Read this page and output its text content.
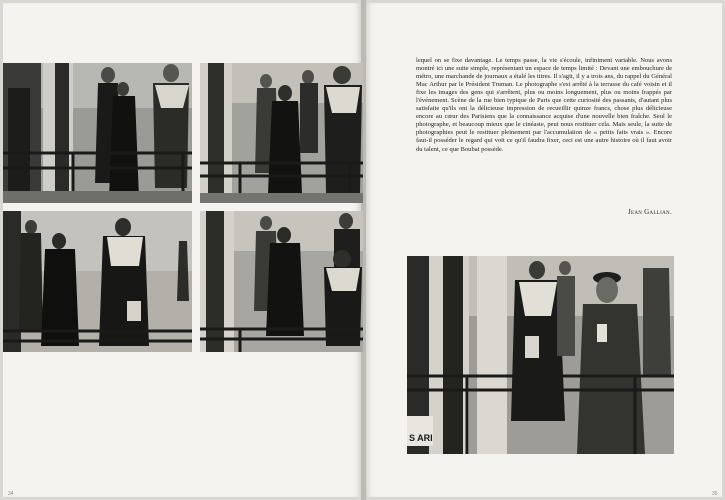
lequel on se fixe davantage. Le temps passe, la vie s'écoule, infiniment variable. Nous avons montré ici une suite simple, représentant un espace de temps limité : Devant une embouchure de métro, une marchande de journaux a étalé les titres. Il s'agit, il y a trois ans, du rappel du Général Mac Arthur par le Président Truman. Le photographe s'est arrêté à la terrasse du café voisin et il fixe les images des gens qui s'arrêtent, plus ou moins longuement, plus ou moins frappés par l'événement. Scène de la rue bien typique de Paris que cette curiosité des passants, d'autant plus satisfaite qu'ils ont la délicieuse impression de recueillir quinze francs, chose plus délicieuse encore au cœur des Parisiens que la connaissance acquise d'une nouvelle bien fraîche. Seul le photographe, et beaucoup mieux que le cinéaste, peut nous restituer cela. Mais seule, la suite de photographies peut le restituer pleinement par l'accumulation de « petits faits vrais ». Encore faut-il posséder le regard qui voit ce qu'il faudra fixer, ceci est une autre histoire où il faut avoir du talent, ce que Boubat possède.

Jean Gallian.
S ARI
34	35
